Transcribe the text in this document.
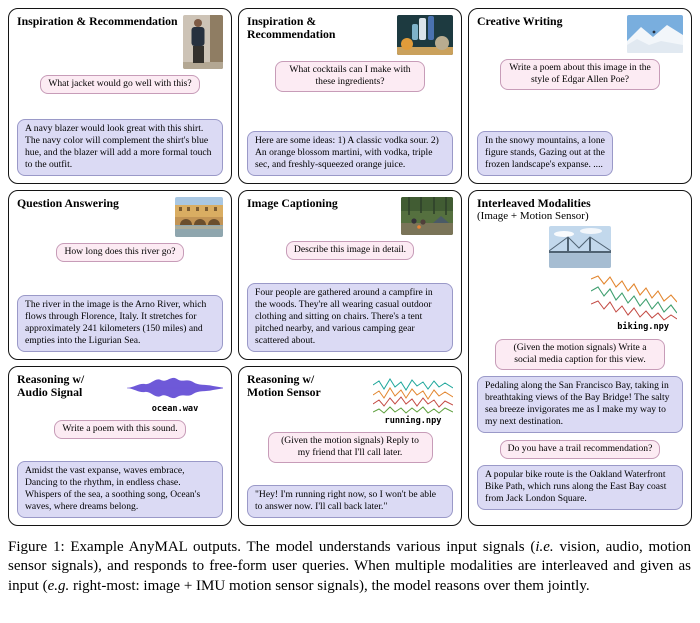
Inspiration & Recommendation
What jacket would go well with this?
A navy blazer would look great with this shirt. The navy color will complement the shirt's blue hue, and the blazer will add a more formal touch to the outfit.
Inspiration & Recommendation
What cocktails can I make with these ingredients?
Here are some ideas: 1) A classic vodka sour. 2) An orange blossom martini, with vodka, triple sec, and freshly-squeezed orange juice.
Creative Writing
Write a poem about this image in the style of Edgar Allen Poe?
In the snowy mountains, a lone figure stands, Gazing out at the frozen landscape's expanse. ....
Question Answering
How long does this river go?
The river in the image is the Arno River, which flows through Florence, Italy. It stretches for approximately 241 kilometers (150 miles) and empties into the Ligurian Sea.
Image Captioning
Describe this image in detail.
Four people are gathered around a campfire in the woods. They're all wearing casual outdoor clothing and sitting on chairs. There's a tent pitched nearby, and various camping gear scattered about.
Interleaved Modalities
(Image + Motion Sensor)
biking.npy
(Given the motion signals) Write a social media caption for this view.
Pedaling along the San Francisco Bay, taking in breathtaking views of the Bay Bridge! The salty sea breeze invigorates me as I make my way to my next destination.
Do you have a trail recommendation?
A popular bike route is the Oakland Waterfront Bike Path, which runs along the East Bay coast from Jack London Square.
Reasoning w/ Audio Signal
ocean.wav
Write a poem with this sound.
Amidst the vast expanse, waves embrace, Dancing to the rhythm, in endless chase. Whispers of the sea, a soothing song, Ocean's waves, where dreams belong.
Reasoning w/ Motion Sensor
running.npy
(Given the motion signals) Reply to my friend that I'll call later.
"Hey! I'm running right now, so I won't be able to answer now. I'll call back later."

Figure 1: Example AnyMAL outputs. The model understands various input signals (i.e. vision, audio, motion sensor signals), and responds to free-form user queries. When multiple modalities are interleaved and given as input (e.g. right-most: image + IMU motion sensor signals), the model reasons over them jointly.
